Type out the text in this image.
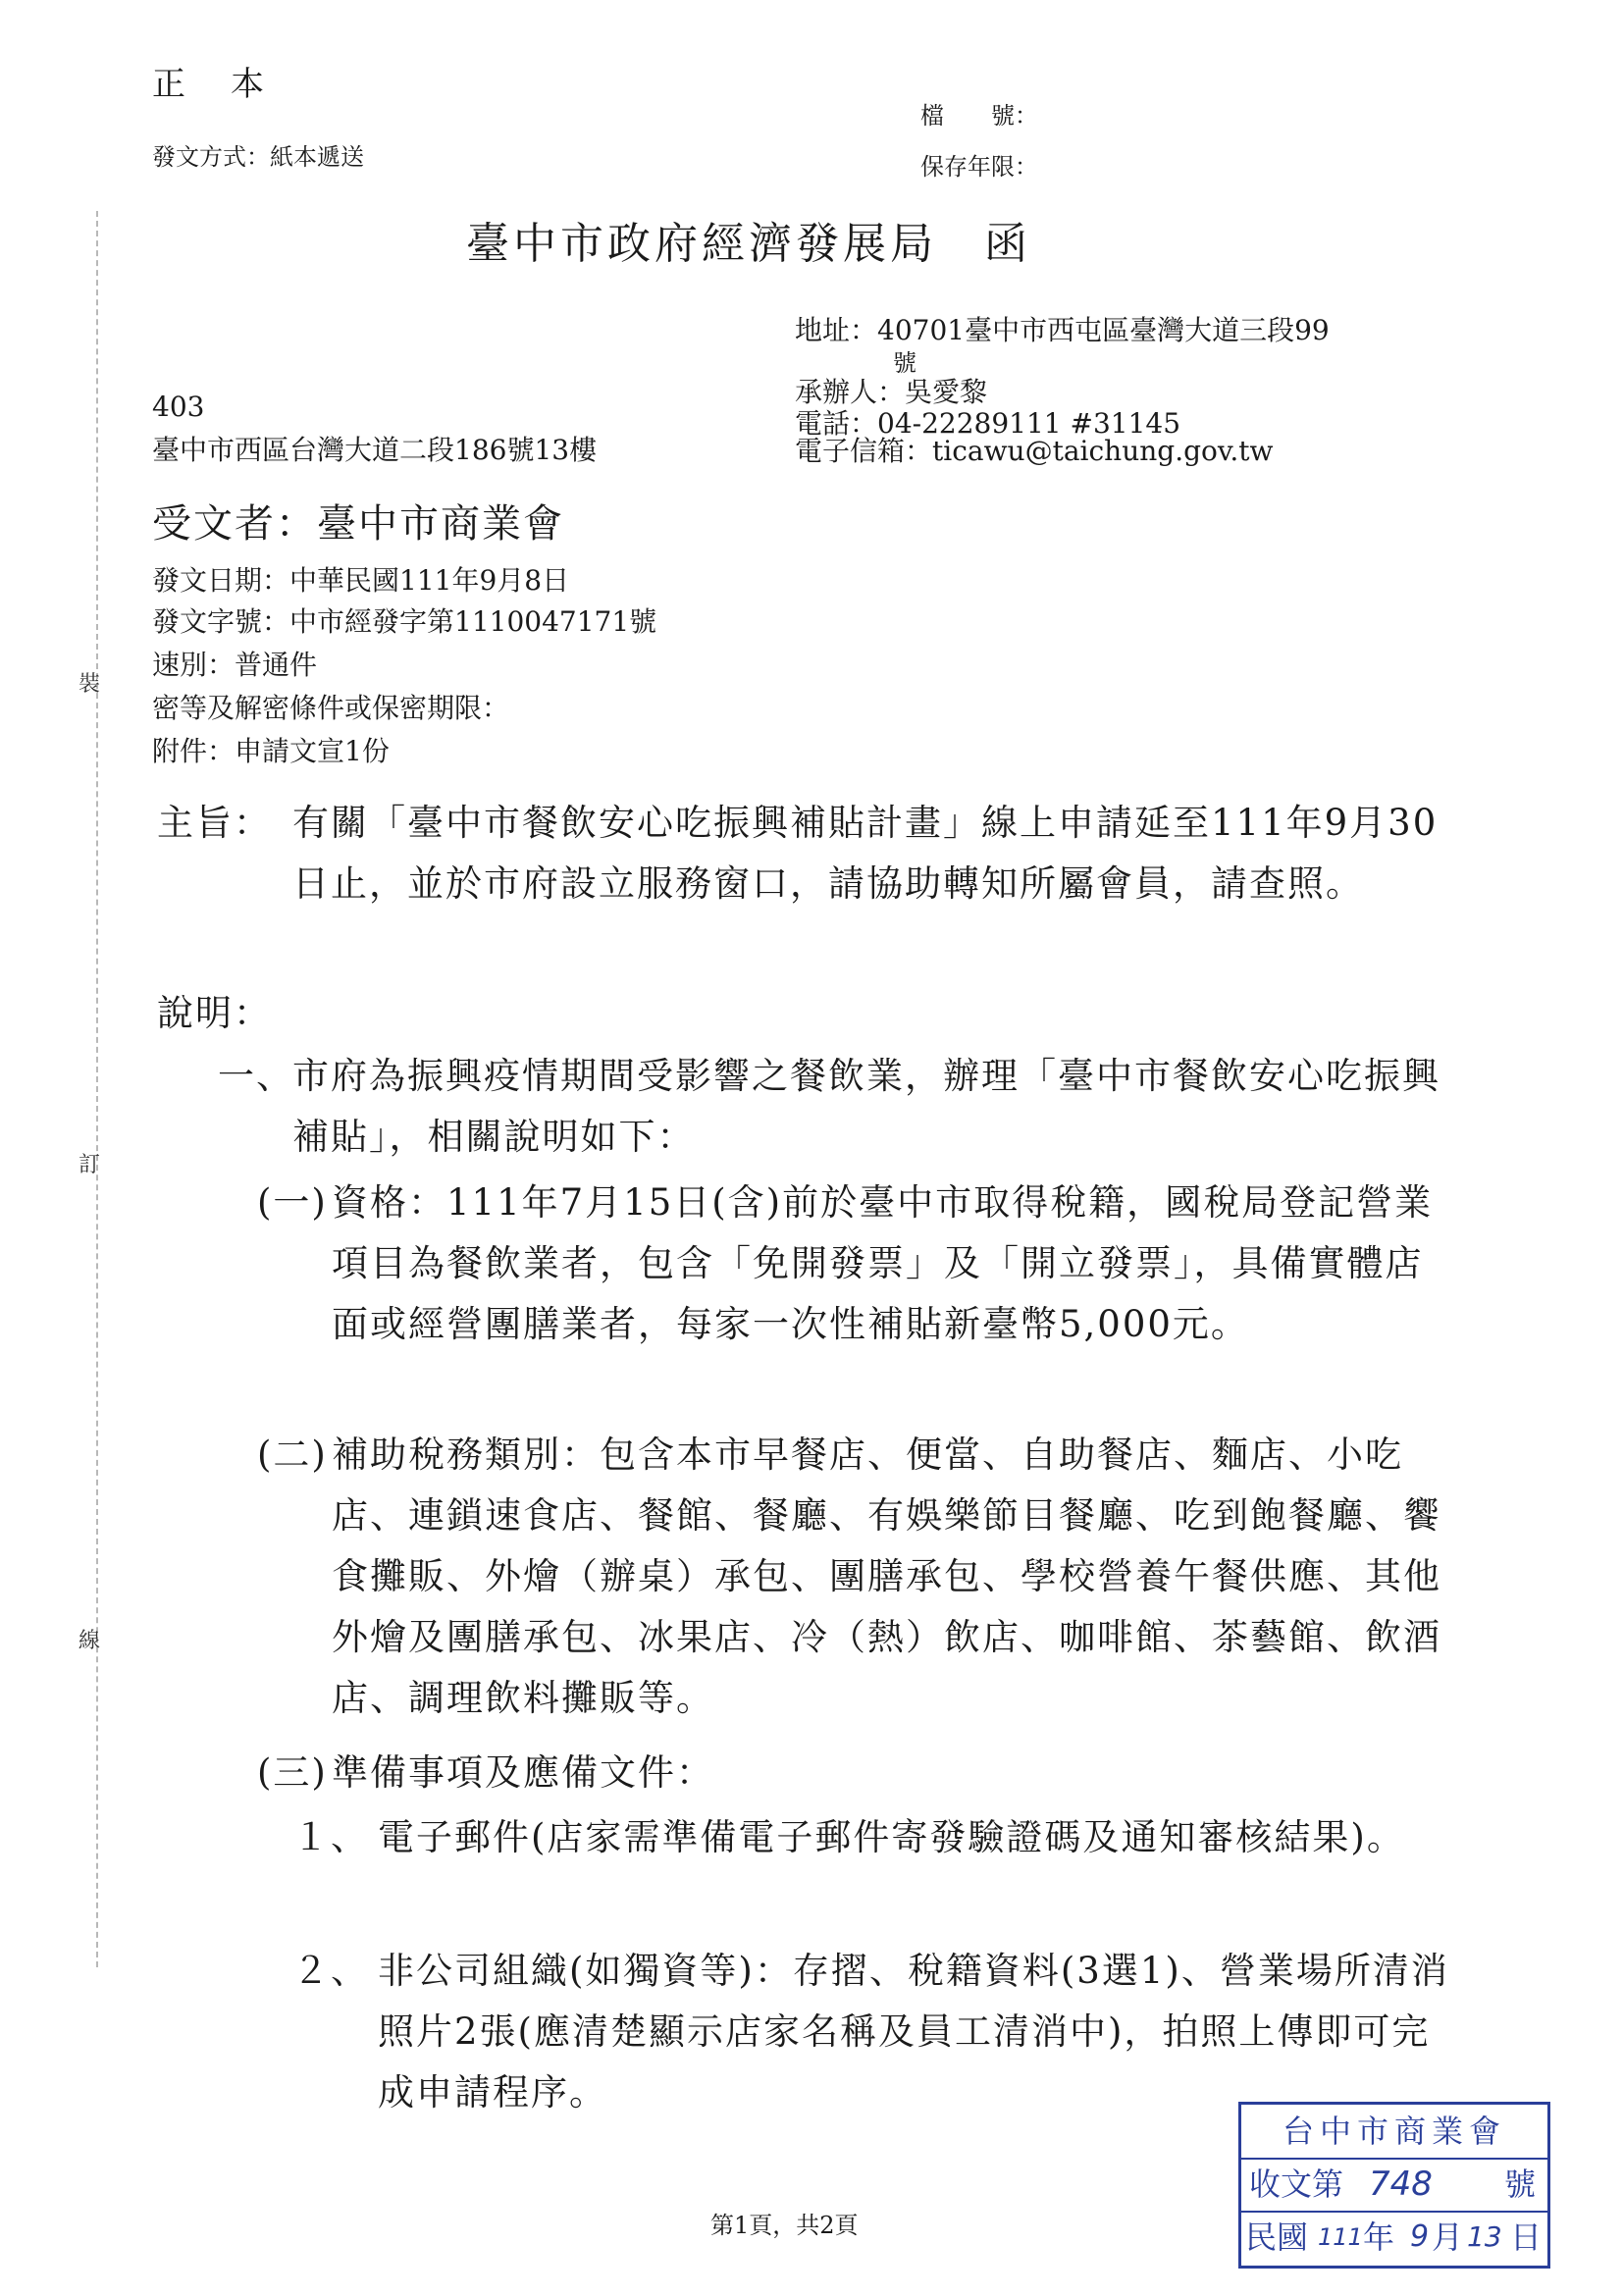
裝
訂
線
正　本
檔　　號：
發文方式：紙本遞送	保存年限：
臺中市政府經濟發展局　函
地址：40701臺中市西屯區臺灣大道三段99
號
承辦人：吳愛黎
電話：04-22289111 #31145
電子信箱：ticawu@taichung.gov.tw
403
臺中市西區台灣大道二段186號13樓
受文者：臺中市商業會
發文日期：中華民國111年9月8日
發文字號：中市經發字第1110047171號
速別：普通件
密等及解密條件或保密期限：
附件：申請文宣1份
主旨： 有關「臺中市餐飲安心吃振興補貼計畫」線上申請延至111年9月30日止，並於市府設立服務窗口，請協助轉知所屬會員，請查照。
說明：
一、
市府為振興疫情期間受影響之餐飲業，辦理「臺中市餐飲安心吃振興補貼」，相關說明如下：
(一) 資格：111年7月15日(含)前於臺中市取得稅籍，國稅局登記營業項目為餐飲業者，包含「免開發票」及「開立發票」，具備實體店面或經營團膳業者，每家一次性補貼新臺幣5,000元。
(二) 補助稅務類別：包含本市早餐店、便當、自助餐店、麵店、小吃店、連鎖速食店、餐館、餐廳、有娛樂節目餐廳、吃到飽餐廳、饗食攤販、外燴（辦桌）承包、團膳承包、學校營養午餐供應、其他外燴及團膳承包、冰果店、冷（熱）飲店、咖啡館、茶藝館、飲酒店、調理飲料攤販等。
(三) 準備事項及應備文件：
１、 電子郵件(店家需準備電子郵件寄發驗證碼及通知審核結果)。
２、 非公司組織(如獨資等)：存摺、稅籍資料(3選1)、營業場所清消照片2張(應清楚顯示店家名稱及員工清消中)，拍照上傳即可完成申請程序。
第1頁，共2頁
台中市商業會
收文第 748 號
民國 111 年 9 月 13 日
